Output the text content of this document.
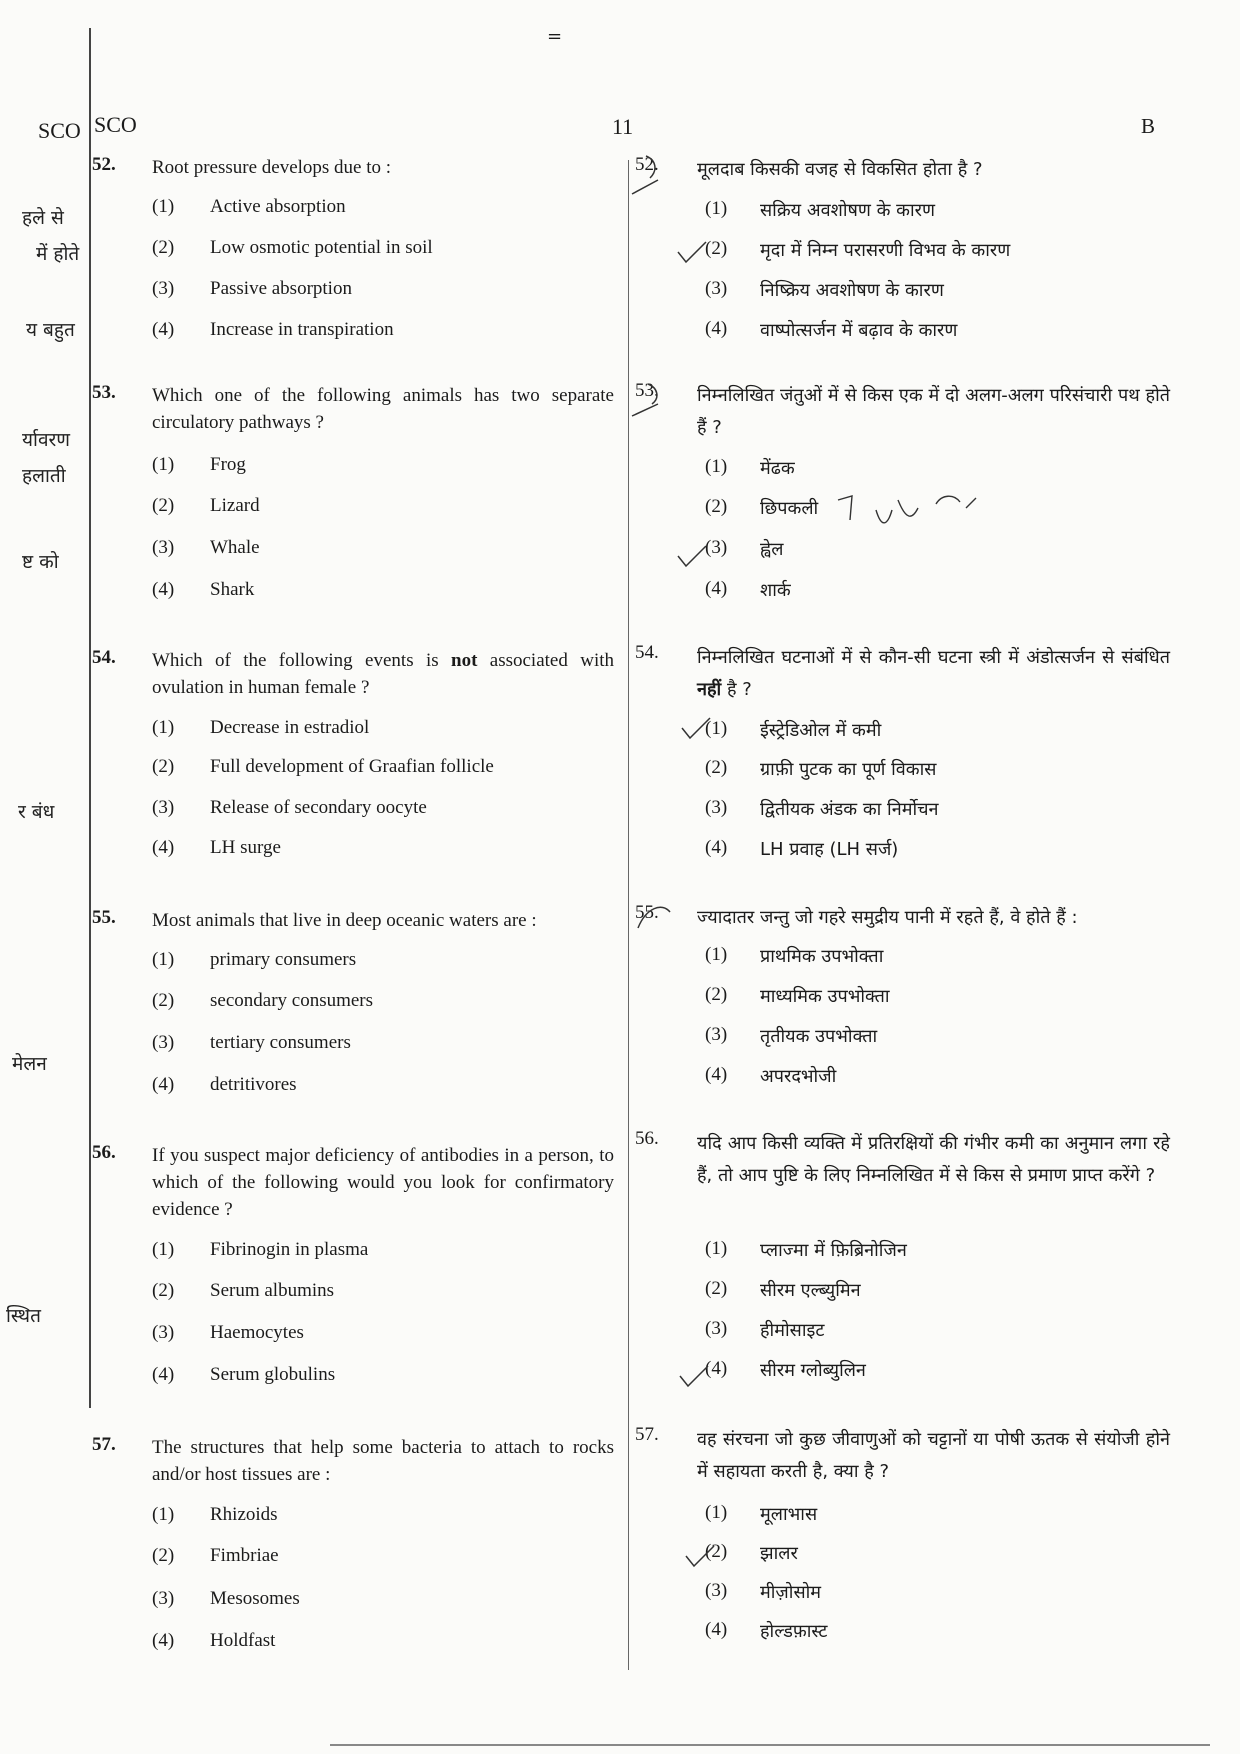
=
SCO SCO	11	B
हले से
में होते
य बहुत
र्यावरण
हलाती
ष्ट को
र बंध
मेलन
स्थित
52. Root pressure develops due to :
(1) Active absorption
(2) Low osmotic potential in soil
(3) Passive absorption
(4) Increase in transpiration
53. Which one of the following animals has two separate circulatory pathways ?
(1) Frog
(2) Lizard
(3) Whale
(4) Shark
54. Which of the following events is not associated with ovulation in human female ?
(1) Decrease in estradiol
(2) Full development of Graafian follicle
(3) Release of secondary oocyte
(4) LH surge
55. Most animals that live in deep oceanic waters are :
(1) primary consumers
(2) secondary consumers
(3) tertiary consumers
(4) detritivores
56. If you suspect major deficiency of antibodies in a person, to which of the following would you look for confirmatory evidence ?
(1) Fibrinogin in plasma
(2) Serum albumins
(3) Haemocytes
(4) Serum globulins
57. The structures that help some bacteria to attach to rocks and/or host tissues are :
(1) Rhizoids
(2) Fimbriae
(3) Mesosomes
(4) Holdfast
52. मूलदाब किसकी वजह से विकसित होता है ?
(1) सक्रिय अवशोषण के कारण
(2) मृदा में निम्न परासरणी विभव के कारण
(3) निष्क्रिय अवशोषण के कारण
(4) वाष्पोत्सर्जन में बढ़ाव के कारण
53. निम्नलिखित जंतुओं में से किस एक में दो अलग-अलग परिसंचारी पथ होते हैं ?
(1) मेंढक
(2) छिपकली
(3) ह्वेल
(4) शार्क
54. निम्नलिखित घटनाओं में से कौन-सी घटना स्त्री में अंडोत्सर्जन से संबंधित नहीं है ?
(1) ईस्ट्रेडिओल में कमी
(2) ग्राफ़ी पुटक का पूर्ण विकास
(3) द्वितीयक अंडक का निर्मोचन
(4) LH प्रवाह (LH सर्ज)
55. ज्यादातर जन्तु जो गहरे समुद्रीय पानी में रहते हैं, वे होते हैं :
(1) प्राथमिक उपभोक्ता
(2) माध्यमिक उपभोक्ता
(3) तृतीयक उपभोक्ता
(4) अपरदभोजी
56. यदि आप किसी व्यक्ति में प्रतिरक्षियों की गंभीर कमी का अनुमान लगा रहे हैं, तो आप पुष्टि के लिए निम्नलिखित में से किस से प्रमाण प्राप्त करेंगे ?
(1) प्लाज्मा में फ़िब्रिनोजिन
(2) सीरम एल्ब्युमिन
(3) हीमोसाइट
(4) सीरम ग्लोब्युलिन
57. वह संरचना जो कुछ जीवाणुओं को चट्टानों या पोषी ऊतक से संयोजी होने में सहायता करती है, क्या है ?
(1) मूलाभास
(2) झालर
(3) मीज़ोसोम
(4) होल्डफ़ास्ट
